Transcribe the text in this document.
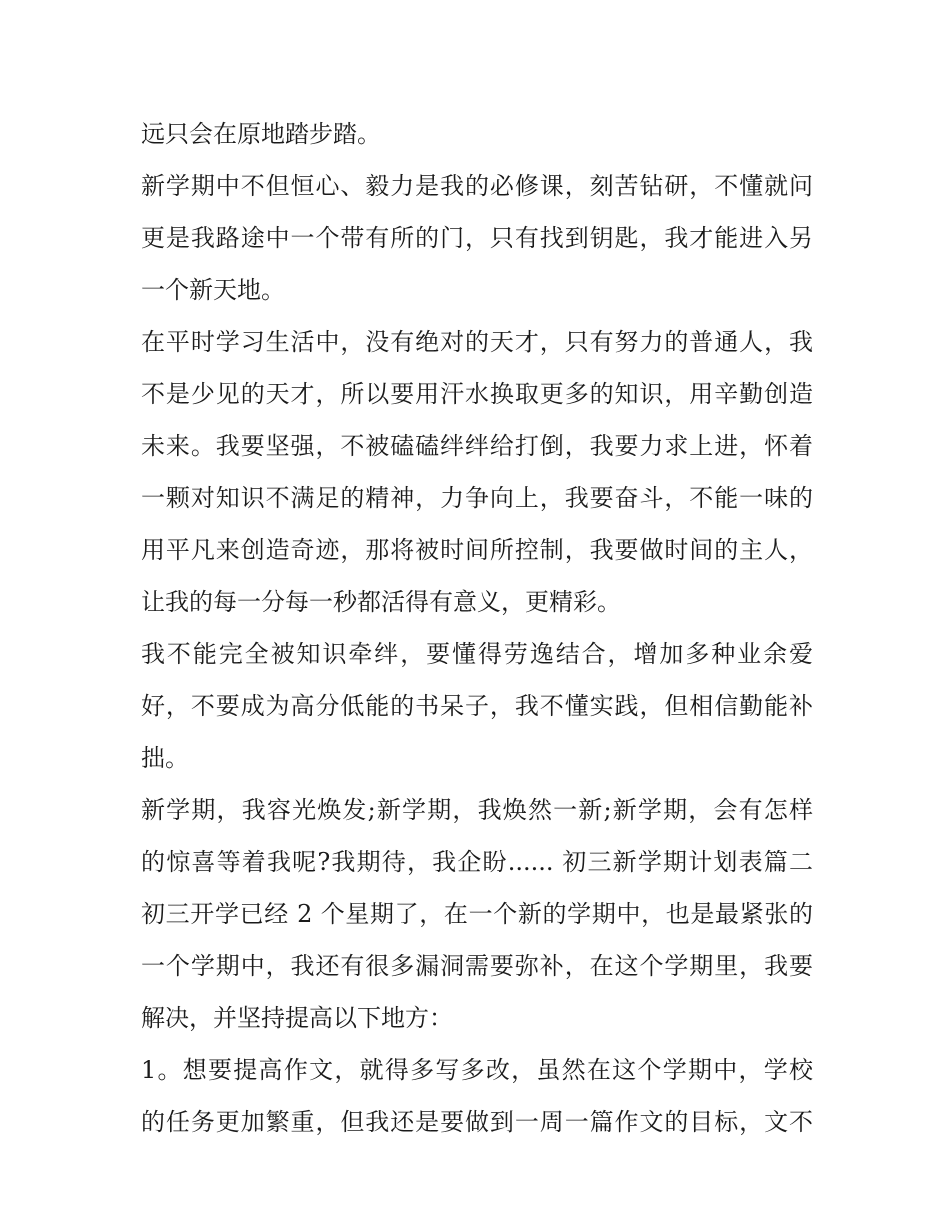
远只会在原地踏步踏。
新学期中不但恒心、毅力是我的必修课，刻苦钻研，不懂就问
更是我路途中一个带有所的门，只有找到钥匙，我才能进入另
一个新天地。
在平时学习生活中，没有绝对的天才，只有努力的普通人，我
不是少见的天才，所以要用汗水换取更多的知识，用辛勤创造
未来。我要坚强，不被磕磕绊绊给打倒，我要力求上进，怀着
一颗对知识不满足的精神，力争向上，我要奋斗，不能一味的
用平凡来创造奇迹，那将被时间所控制，我要做时间的主人，
让我的每一分每一秒都活得有意义，更精彩。
我不能完全被知识牵绊，要懂得劳逸结合，增加多种业余爱
好，不要成为高分低能的书呆子，我不懂实践，但相信勤能补
拙。
新学期，我容光焕发;新学期，我焕然一新;新学期，会有怎样
的惊喜等着我呢?我期待，我企盼...... 初三新学期计划表篇二
初三开学已经 2 个星期了，在一个新的学期中，也是最紧张的
一个学期中，我还有很多漏洞需要弥补，在这个学期里，我要
解决，并坚持提高以下地方：
1。想要提高作文，就得多写多改，虽然在这个学期中，学校
的任务更加繁重，但我还是要做到一周一篇作文的目标，文不
